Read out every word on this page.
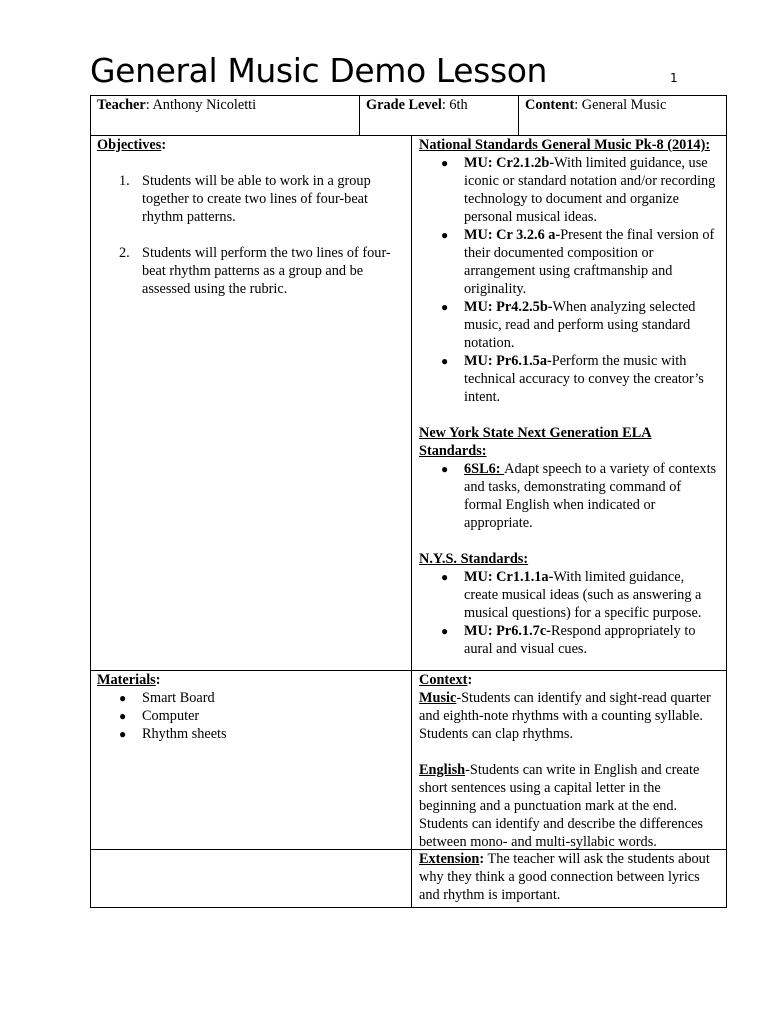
General Music Demo Lesson	1
Teacher: Anthony Nicoletti	Grade Level: 6th	Content: General Music
Objectives:
1. Students will be able to work in a group together to create two lines of four-beat rhythm patterns.
2. Students will perform the two lines of four-beat rhythm patterns as a group and be assessed using the rubric.
National Standards General Music Pk-8 (2014):
●	MU: Cr2.1.2b-With limited guidance, use iconic or standard notation and/or recording technology to document and organize personal musical ideas.
●	MU: Cr 3.2.6 a-Present the final version of their documented composition or arrangement using craftmanship and originality.
●	MU: Pr4.2.5b-When analyzing selected music, read and perform using standard notation.
●	MU: Pr6.1.5a-Perform the music with technical accuracy to convey the creator’s intent.
New York State Next Generation ELA Standards:
●	6SL6: Adapt speech to a variety of contexts and tasks, demonstrating command of formal English when indicated or appropriate.
N.Y.S. Standards:
●	MU: Cr1.1.1a-With limited guidance, create musical ideas (such as answering a musical questions) for a specific purpose.
●	MU: Pr6.1.7c-Respond appropriately to aural and visual cues.
Materials:
●	Smart Board
●	Computer
●	Rhythm sheets
Context:
Music-Students can identify and sight-read quarter and eighth-note rhythms with a counting syllable. Students can clap rhythms.
English-Students can write in English and create short sentences using a capital letter in the beginning and a punctuation mark at the end. Students can identify and describe the differences between mono- and multi-syllabic words.
Extension: The teacher will ask the students about why they think a good connection between lyrics and rhythm is important.
